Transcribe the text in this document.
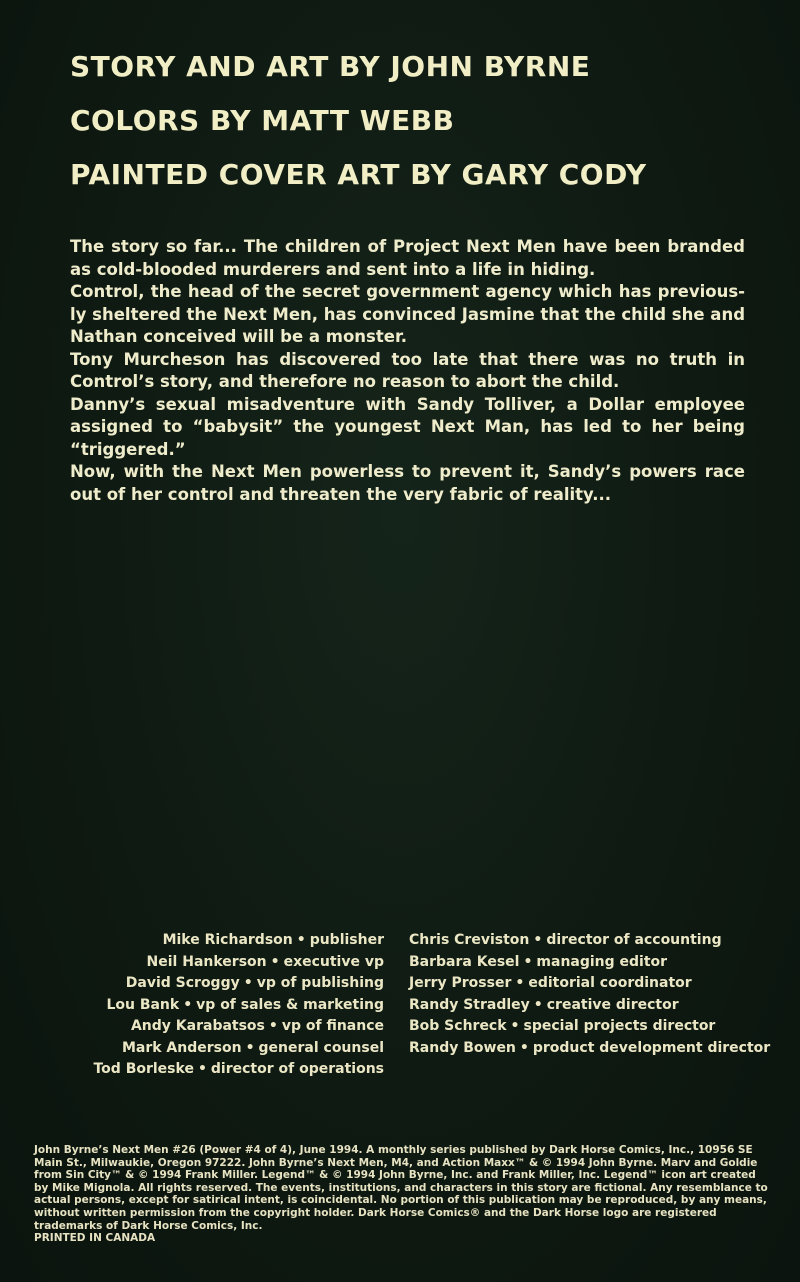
STORY AND ART BY JOHN BYRNE
COLORS BY MATT WEBB
PAINTED COVER ART BY GARY CODY

The story so far... The children of Project Next Men have been branded as cold-blooded murderers and sent into a life in hiding.

Control, the head of the secret government agency which has previous-ly sheltered the Next Men, has convinced Jasmine that the child she and Nathan conceived will be a monster.

Tony Murcheson has discovered too late that there was no truth in Control’s story, and therefore no reason to abort the child.

Danny’s sexual misadventure with Sandy Tolliver, a Dollar employee assigned to “babysit” the youngest Next Man, has led to her being “triggered.”

Now, with the Next Men powerless to prevent it, Sandy’s powers race out of her control and threaten the very fabric of reality...

Mike Richardson • publisher
Neil Hankerson • executive vp
David Scroggy • vp of publishing
Lou Bank • vp of sales & marketing
Andy Karabatsos • vp of finance
Mark Anderson • general counsel
Tod Borleske • director of operations
Chris Creviston • director of accounting
Barbara Kesel • managing editor
Jerry Prosser • editorial coordinator
Randy Stradley • creative director
Bob Schreck • special projects director
Randy Bowen • product development director

John Byrne’s Next Men #26 (Power #4 of 4), June 1994. A monthly series published by Dark Horse Comics, Inc., 10956 SE Main St., Milwaukie, Oregon 97222. John Byrne’s Next Men, M4, and Action Maxx™ & © 1994 John Byrne. Marv and Goldie from Sin City™ & © 1994 Frank Miller. Legend™ & © 1994 John Byrne, Inc. and Frank Miller, Inc. Legend™ icon art created by Mike Mignola. All rights reserved. The events, institutions, and characters in this story are fictional. Any resemblance to actual persons, except for satirical intent, is coincidental. No portion of this publication may be reproduced, by any means, without written permission from the copyright holder. Dark Horse Comics® and the Dark Horse logo are registered trademarks of Dark Horse Comics, Inc.

PRINTED IN CANADA
